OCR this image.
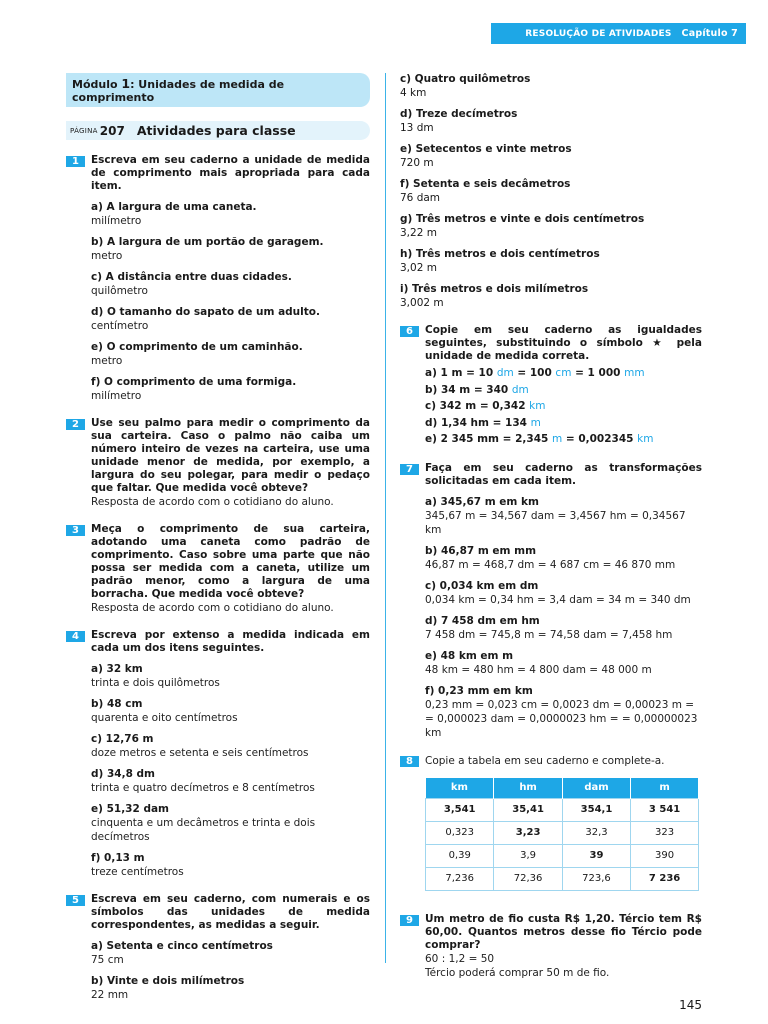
RESOLUÇÃO DE ATIVIDADES Capítulo 7
Módulo 1: Unidades de medida de comprimento
PÁGINA 207 Atividades para classe
1	Escreva em seu caderno a unidade de medida de comprimento mais apropriada para cada item.
a) A largura de uma caneta.
milímetro
b) A largura de um portão de garagem.
metro
c) A distância entre duas cidades.
quilômetro
d) O tamanho do sapato de um adulto.
centímetro
e) O comprimento de um caminhão.
metro
f) O comprimento de uma formiga.
milímetro
2	Use seu palmo para medir o comprimento da sua carteira. Caso o palmo não caiba um número inteiro de vezes na carteira, use uma unidade menor de medida, por exemplo, a largura do seu polegar, para medir o pedaço que faltar. Que medida você obteve?
Resposta de acordo com o cotidiano do aluno.
3	Meça o comprimento de sua carteira, adotando uma caneta como padrão de comprimento. Caso sobre uma parte que não possa ser medida com a caneta, utilize um padrão menor, como a largura de uma borracha. Que medida você obteve?
Resposta de acordo com o cotidiano do aluno.
4	Escreva por extenso a medida indicada em cada um dos itens seguintes.
a) 32 km
trinta e dois quilômetros
b) 48 cm
quarenta e oito centímetros
c) 12,76 m
doze metros e setenta e seis centímetros
d) 34,8 dm
trinta e quatro decímetros e 8 centímetros
e) 51,32 dam
cinquenta e um decâmetros e trinta e dois decímetros
f) 0,13 m
treze centímetros
5	Escreva em seu caderno, com numerais e os símbolos das unidades de medida correspondentes, as medidas a seguir.
a) Setenta e cinco centímetros
75 cm
b) Vinte e dois milímetros
22 mm
c) Quatro quilômetros
4 km
d) Treze decímetros
13 dm
e) Setecentos e vinte metros
720 m
f) Setenta e seis decâmetros
76 dam
g) Três metros e vinte e dois centímetros
3,22 m
h) Três metros e dois centímetros
3,02 m
i) Três metros e dois milímetros
3,002 m
6	Copie em seu caderno as igualdades seguintes, substituindo o símbolo ★ pela unidade de medida correta.
a) 1 m = 10 dm = 100 cm = 1 000 mm
b) 34 m = 340 dm
c) 342 m = 0,342 km
d) 1,34 hm = 134 m
e) 2 345 mm = 2,345 m = 0,002345 km
7	Faça em seu caderno as transformações solicitadas em cada item.
a) 345,67 m em km
345,67 m = 34,567 dam = 3,4567 hm = 0,34567 km
b) 46,87 m em mm
46,87 m = 468,7 dm = 4 687 cm = 46 870 mm
c) 0,034 km em dm
0,034 km = 0,34 hm = 3,4 dam = 34 m = 340 dm
d) 7 458 dm em hm
7 458 dm = 745,8 m = 74,58 dam = 7,458 hm
e) 48 km em m
48 km = 480 hm = 4 800 dam = 48 000 m
f) 0,23 mm em km
0,23 mm = 0,023 cm = 0,0023 dm = 0,00023 m = = 0,000023 dam = 0,0000023 hm = = 0,00000023 km
8	Copie a tabela em seu caderno e complete-a.
km	hm	dam	m
3,541	35,41	354,1	3 541
0,323	3,23	32,3	323
0,39	3,9	39	390
7,236	72,36	723,6	7 236
9	Um metro de fio custa R$ 1,20. Tércio tem R$ 60,00. Quantos metros desse fio Tércio pode comprar?
60 : 1,2 = 50
Tércio poderá comprar 50 m de fio.
145
